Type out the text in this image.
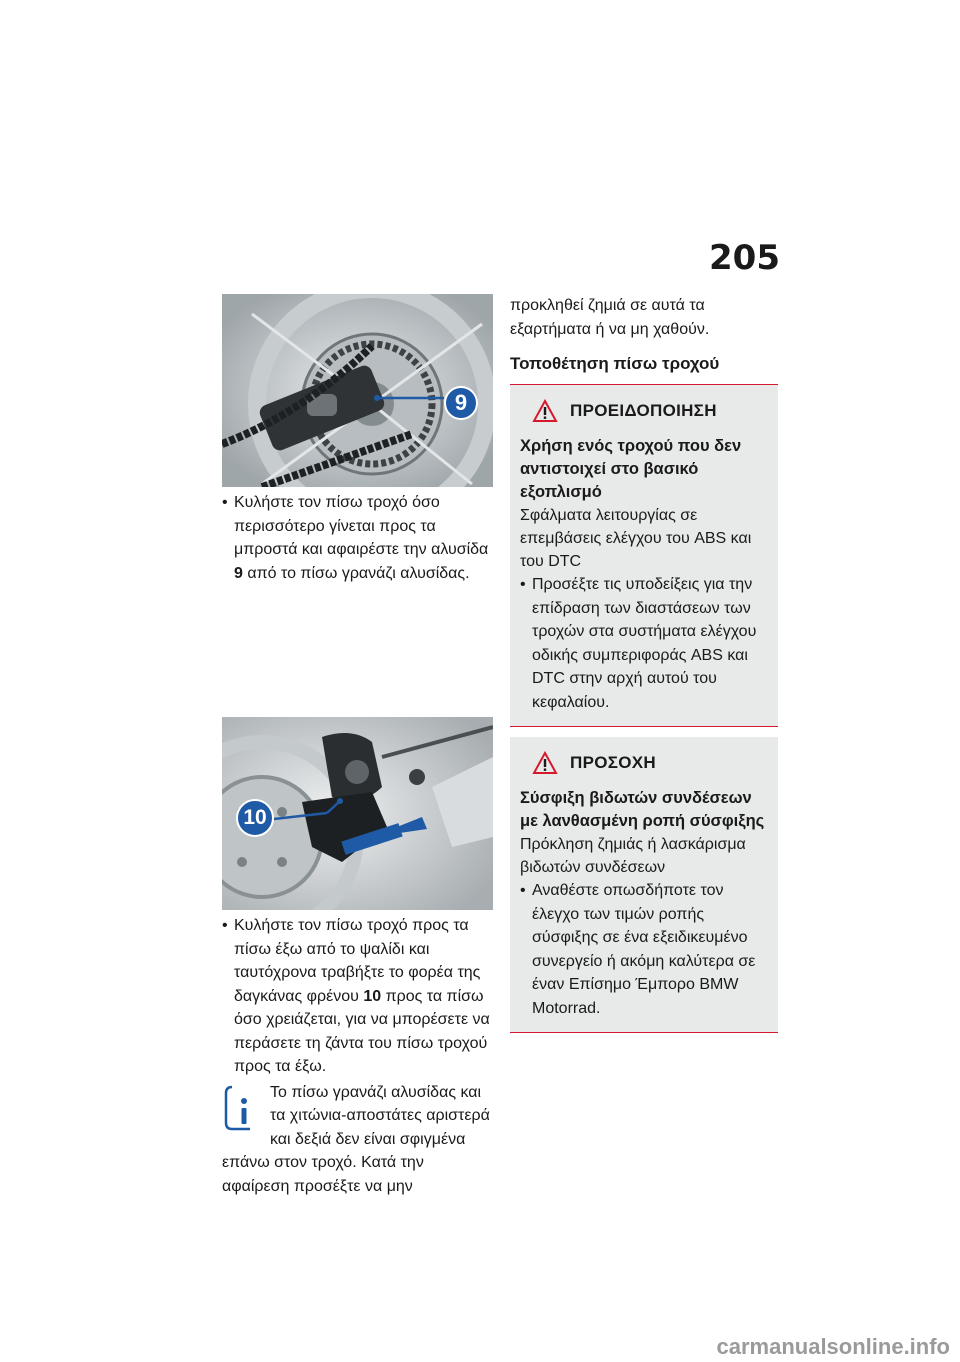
205
9
• Κυλήστε τον πίσω τροχό όσο περισσότερο γίνεται προς τα μπροστά και αφαιρέστε την αλυσίδα 9 από το πίσω γρανάζι αλυσίδας.
10
• Κυλήστε τον πίσω τροχό προς τα πίσω έξω από το ψαλίδι και ταυτόχρονα τραβήξτε το φορέα της δαγκάνας φρένου 10 προς τα πίσω όσο χρειάζεται, για να μπορέσετε να περάσετε τη ζάντα του πίσω τροχού προς τα έξω.
Το πίσω γρανάζι αλυσίδας και τα χιτώνια-αποστάτες αριστερά και δεξιά δεν είναι σφιγμένα επάνω στον τροχό. Κατά την αφαίρεση προσέξτε να μην

προκληθεί ζημιά σε αυτά τα εξαρτήματα ή να μη χαθούν.

Τοποθέτηση πίσω τροχού
ΠΡΟΕΙΔΟΠΟΙΗΣΗ
Χρήση ενός τροχού που δεν αντιστοιχεί στο βασικό εξοπλισμό
Σφάλματα λειτουργίας σε επεμβάσεις ελέγχου του ABS και του DTC
• Προσέξτε τις υποδείξεις για την επίδραση των διαστάσεων των τροχών στα συστήματα ελέγχου οδικής συμπεριφοράς ABS και DTC στην αρχή αυτού του κεφαλαίου.
ΠΡΟΣΟΧΗ
Σύσφιξη βιδωτών συνδέσεων με λανθασμένη ροπή σύσφιξης
Πρόκληση ζημιάς ή λασκάρισμα βιδωτών συνδέσεων
• Αναθέστε οπωσδήποτε τον έλεγχο των τιμών ροπής σύσφιξης σε ένα εξειδικευμένο συνεργείο ή ακόμη καλύτερα σε έναν Επίσημο Έμπορο BMW Motorrad.
carmanualsonline.info
